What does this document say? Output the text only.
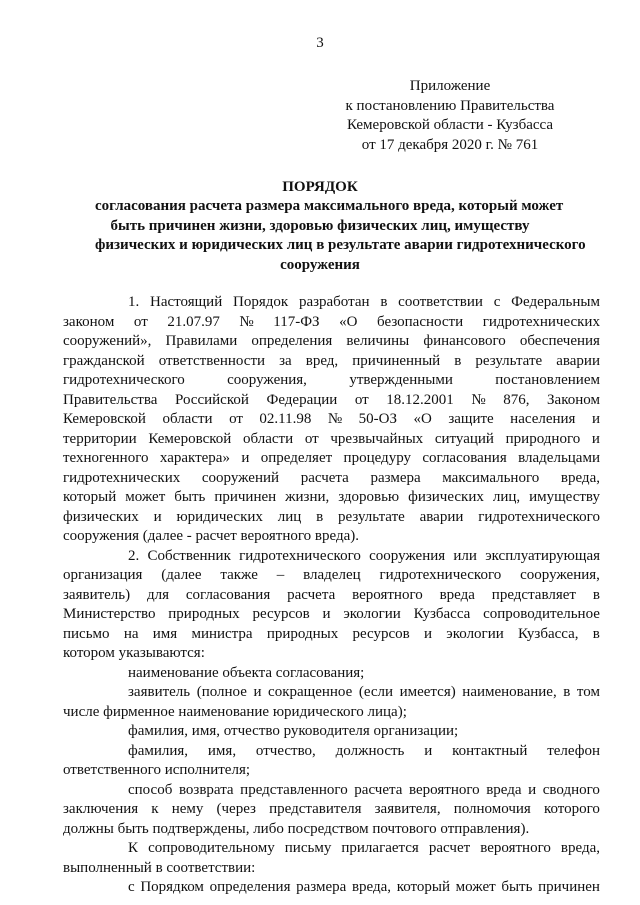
3
Приложение
к постановлению Правительства
Кемеровской области - Кузбасса
от 17 декабря 2020 г. № 761
ПОРЯДОК
согласования расчета размера максимального вреда, который может
быть причинен жизни, здоровью физических лиц, имуществу
физических и юридических лиц в результате аварии гидротехнического
сооружения
1. Настоящий Порядок разработан в соответствии с Федеральным
законом от 21.07.97 № 117-ФЗ «О безопасности гидротехнических
сооружений», Правилами определения величины финансового обеспечения
гражданской ответственности за вред, причиненный в результате аварии
гидротехнического	сооружения,	утвержденными	постановлением
Правительства Российской Федерации от 18.12.2001 № 876, Законом
Кемеровской области от 02.11.98 № 50-ОЗ «О защите населения и
территории Кемеровской области от чрезвычайных ситуаций природного и
техногенного характера» и определяет процедуру согласования владельцами
гидротехнических сооружений расчета размера максимального вреда,
который может быть причинен жизни, здоровью физических лиц, имуществу
физических и юридических лиц в результате аварии гидротехнического
сооружения (далее - расчет вероятного вреда).
2. Собственник гидротехнического сооружения или эксплуатирующая
организация (далее также – владелец гидротехнического сооружения,
заявитель) для согласования расчета вероятного вреда представляет в
Министерство природных ресурсов и экологии Кузбасса сопроводительное
письмо на имя министра природных ресурсов и экологии Кузбасса, в
котором указываются:
наименование объекта согласования;
заявитель (полное и сокращенное (если имеется) наименование, в том
числе фирменное наименование юридического лица);
фамилия, имя, отчество руководителя организации;
фамилия, имя, отчество, должность и контактный телефон
ответственного исполнителя;
способ возврата представленного расчета вероятного вреда и сводного
заключения к нему (через представителя заявителя, полномочия которого
должны быть подтверждены, либо посредством почтового отправления).
К сопроводительному письму прилагается расчет вероятного вреда,
выполненный в соответствии:
с Порядком определения размера вреда, который может быть причинен
